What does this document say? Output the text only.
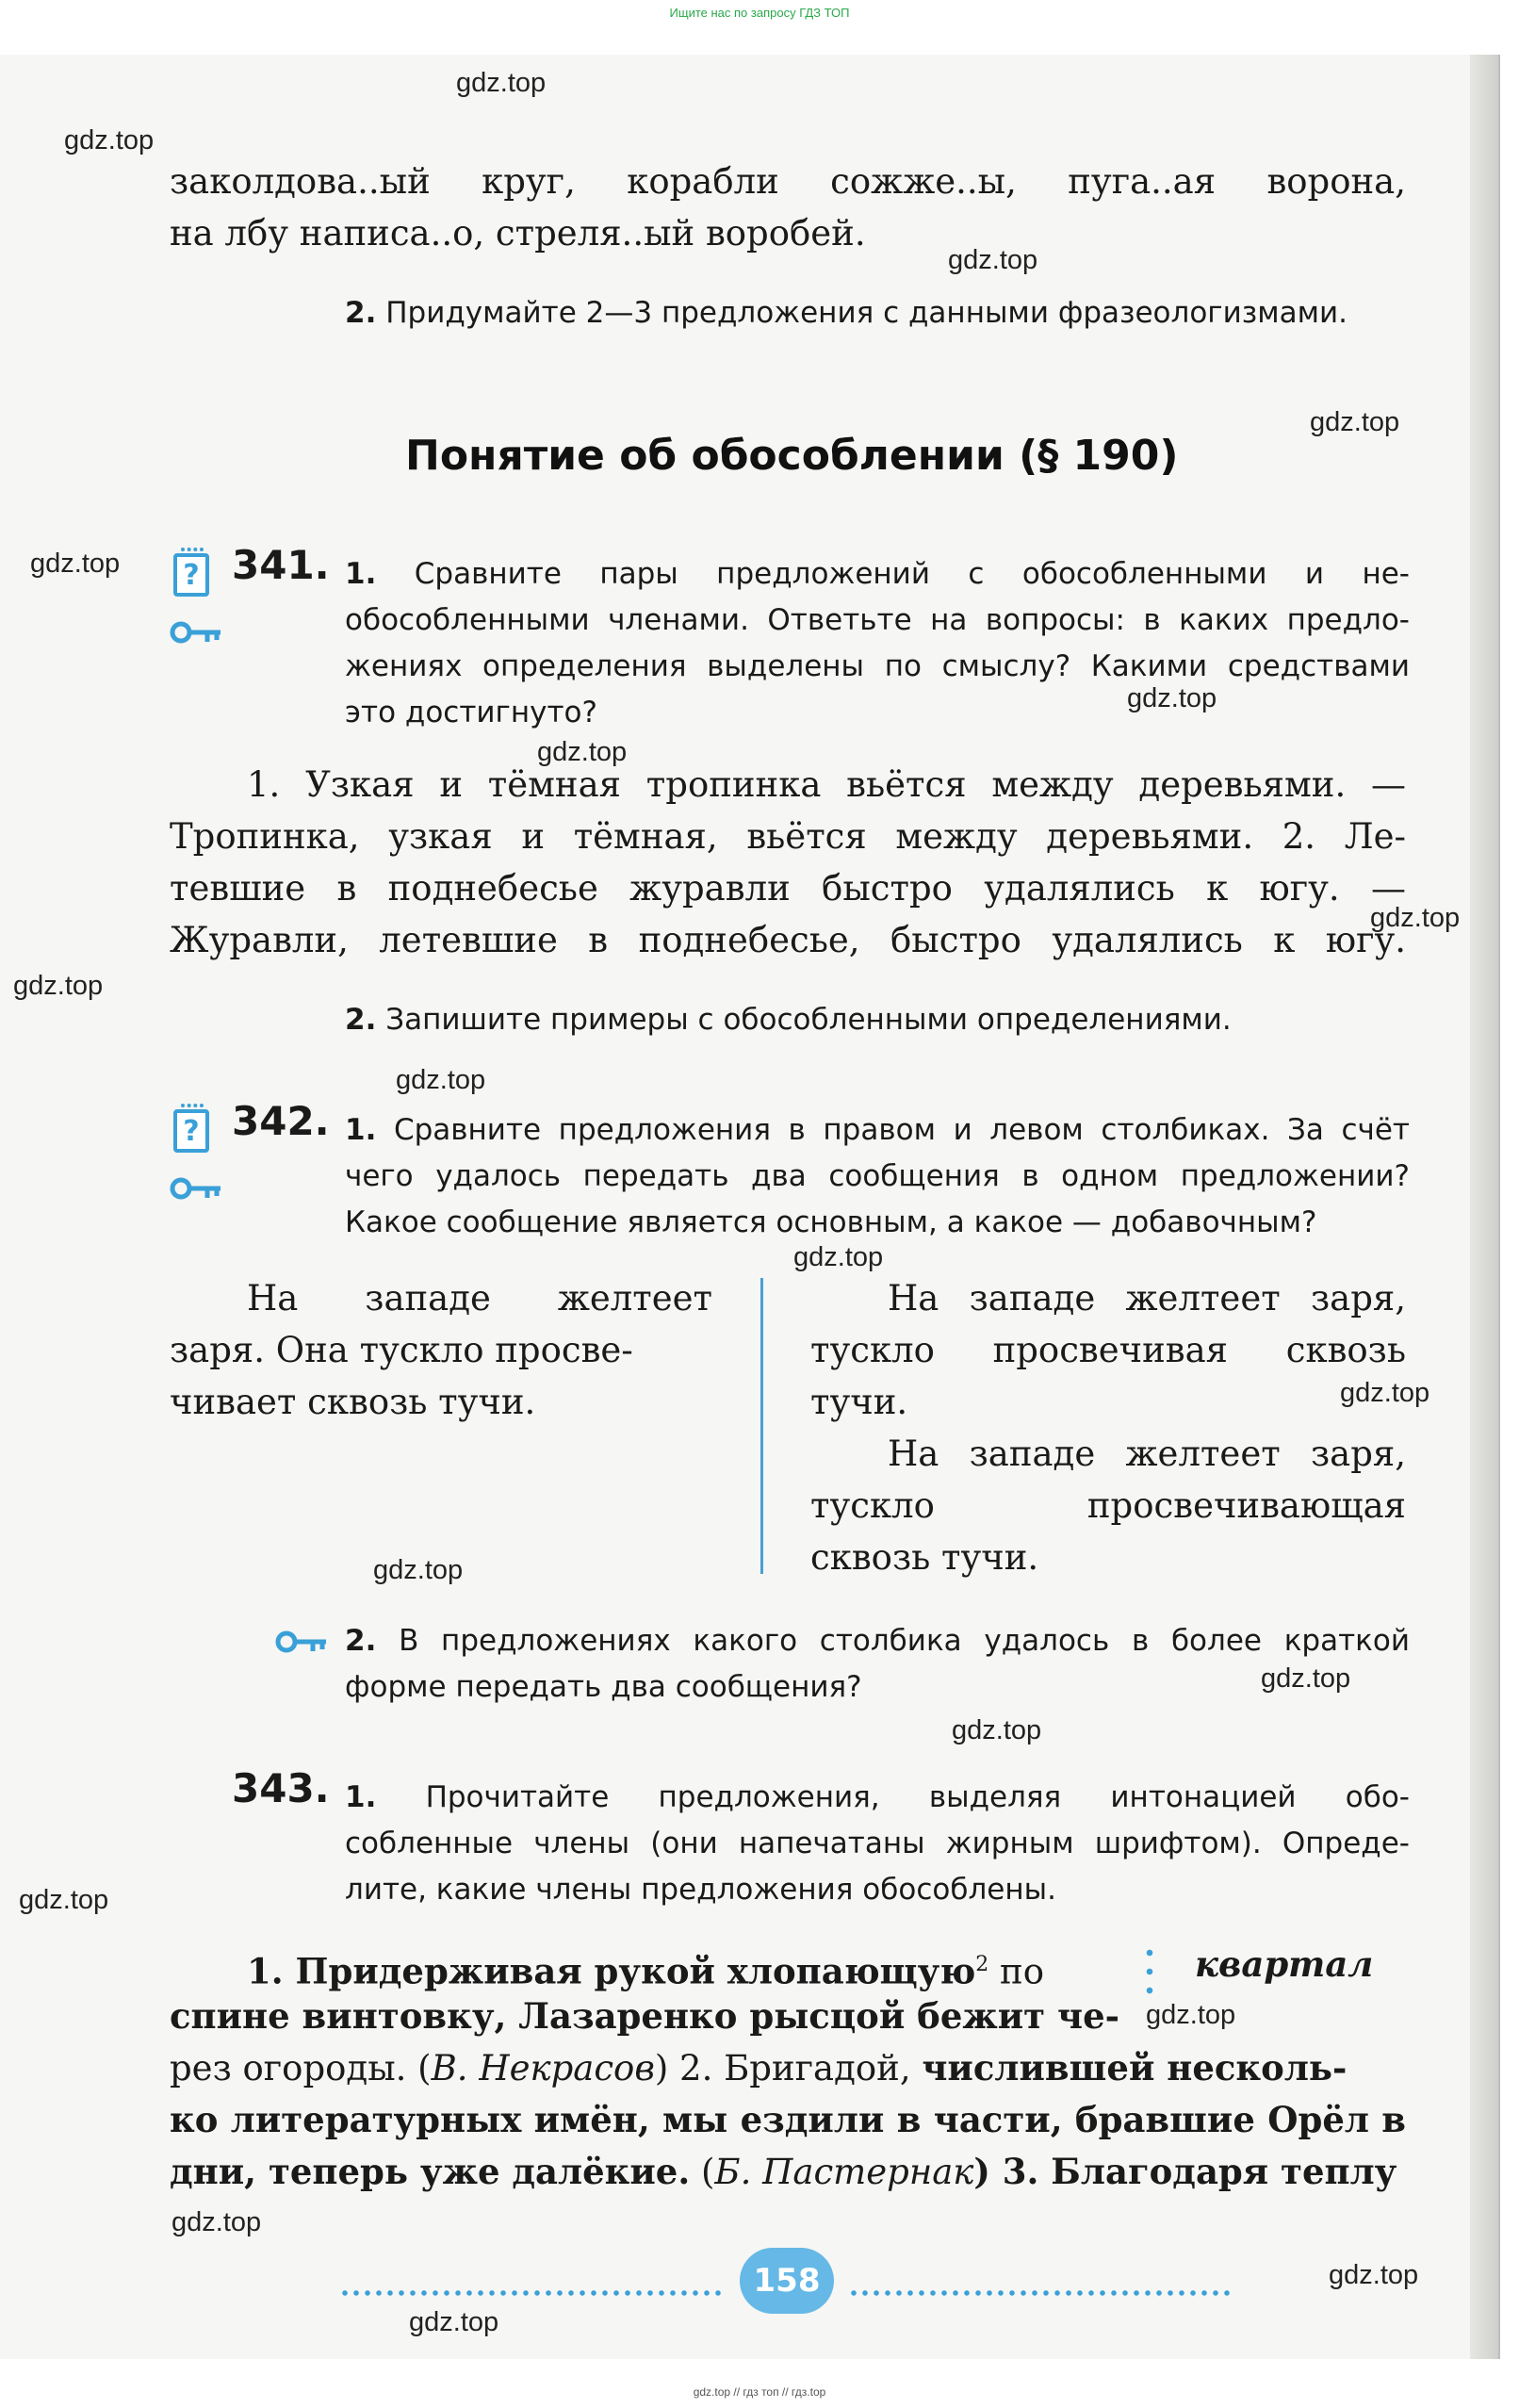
Ищите нас по запросу ГДЗ ТОП
gdz.top
gdz.top
gdz.top
gdz.top
gdz.top
gdz.top
gdz.top
gdz.top
gdz.top
gdz.top
gdz.top
gdz.top
gdz.top
gdz.top
gdz.top
gdz.top
gdz.top
gdz.top
gdz.top
gdz.top
заколдова..ый круг, корабли сожже..ы, пуга..ая ворона,
на лбу написа..о, стреля..ый воробей.
2. Придумайте 2—3 предложения с данными фразеологизмами.
Понятие об обособлении (§ 190)
? 341. 1. Сравните пары предложений с обособленными и не-
обособленными членами. Ответьте на вопросы: в каких предло-
жениях определения выделены по смыслу? Какими средствами
это достигнуто?
1. Узкая и тёмная тропинка вьётся между деревьями. —
Тропинка, узкая и тёмная, вьётся между деревьями. 2. Ле-
тевшие в поднебесье журавли быстро удалялись к югу. —
Журавли, летевшие в поднебесье, быстро удалялись к югу.
2. Запишите примеры с обособленными определениями.
? 342. 1. Сравните предложения в правом и левом столбиках. За счёт
чего удалось передать два сообщения в одном предложении?
Какое сообщение является основным, а какое — добавочным?
На западе желтеет
заря. Она тускло просве-
чивает сквозь тучи.
На западе желтеет заря,
тускло просвечивая сквозь
тучи.
На западе желтеет заря,
тускло просвечивающая
сквозь тучи.
2. В предложениях какого столбика удалось в более краткой
форме передать два сообщения?
343. 1. Прочитайте предложения, выделяя интонацией обо-
собленные члены (они напечатаны жирным шрифтом). Опреде-
лите, какие члены предложения обособлены.
1. Придерживая рукой хлопающую$^2$ по	квартал
спине винтовку, Лазаренко рысцой бежит че-
рез огороды. (В. Некрасов) 2. Бригадой, числившей несколь-
ко литературных имён, мы ездили в части, бравшие Орёл в
дни, теперь уже далёкие. (Б. Пастернак) 3. Благодаря теплу
158
gdz.top // гдз топ // гдз.top
